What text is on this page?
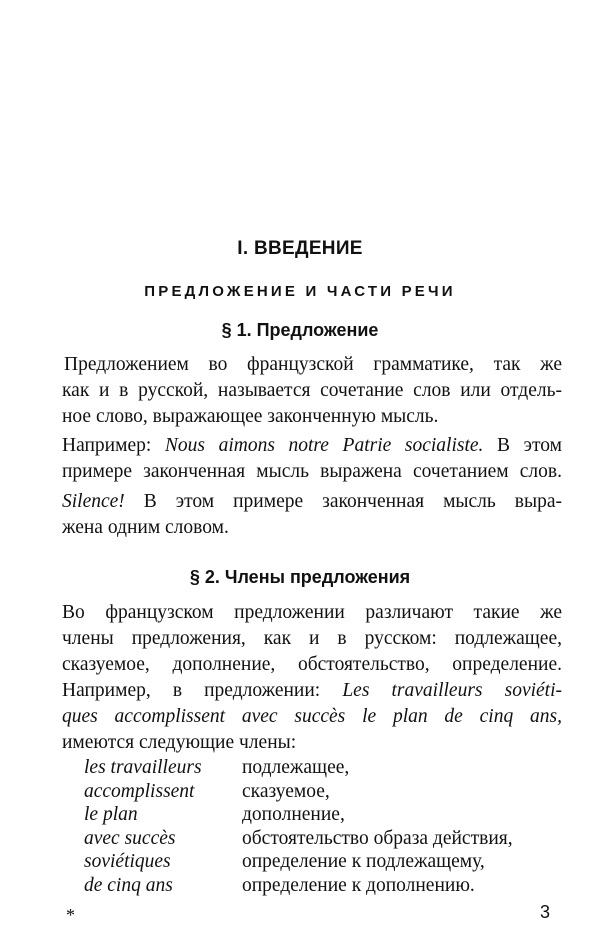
I. ВВЕДЕНИЕ
ПРЕДЛОЖЕНИЕ И ЧАСТИ РЕЧИ
§ 1. Предложение
Предложением во французской грамматике, так же
как и в русской, называется сочетание слов или отдель-
ное слово, выражающее законченную мысль.
Например: Nous aimons notre Patrie socialiste. В этом
примере законченная мысль выражена сочетанием слов.
Silence! В этом примере законченная мысль выра-
жена одним словом.
§ 2. Члены предложения
Во французском предложении различают такие же
члены предложения, как и в русском: подлежащее,
сказуемое, дополнение, обстоятельство, определение.
Например, в предложении: Les travailleurs soviéti-
ques accomplissent avec succès le plan de cinq ans,
имеются следующие члены:
les travailleurs	подлежащее,
accomplissent	сказуемое,
le plan	дополнение,
avec succès	обстоятельство образа действия,
soviétiques	определение к подлежащему,
de cinq ans	определение к дополнению.
*	3
